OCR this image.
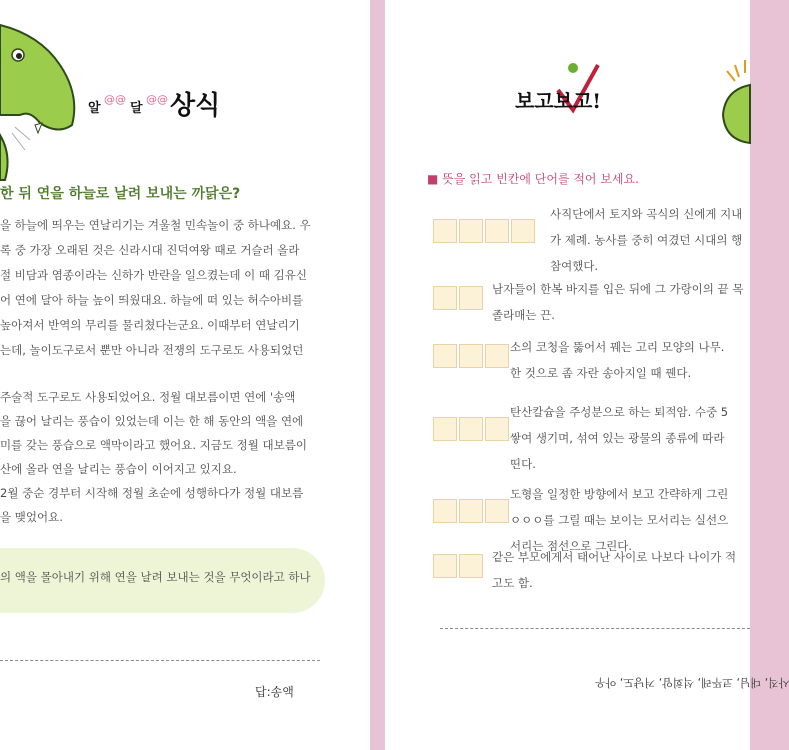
알
@@
달
@@ 상식
한 뒤 연을 하늘로 날려 보내는 까닭은?
을 하늘에 띄우는 연날리기는 겨울철 민속놀이 중 하나예요. 우
록 중 가장 오래된 것은 신라시대 진덕여왕 때로 거슬러 올라
절 비담과 염종이라는 신하가 반란을 일으켰는데 이 때 김유신
어 연에 달아 하늘 높이 띄웠대요. 하늘에 떠 있는 허수아비를
높아져서 반역의 무리를 물리쳤다는군요. 이때부터 연날리기
는데, 놀이도구로서 뿐만 아니라 전쟁의 도구로도 사용되었던
주술적 도구로도 사용되었어요. 정월 대보름이면 연에 '송액
을 끊어 날리는 풍습이 있었는데 이는 한 해 동안의 액을 연에
미를 갖는 풍습으로 액막이라고 했어요. 지금도 정월 대보름이
산에 올라 연을 날리는 풍습이 이어지고 있지요.
2월 중순 경부터 시작해 정월 초순에 성행하다가 정월 대보름
을 맺었어요.
의 액을 몰아내기 위해 연을 날려 보내는 것을 무엇이라고 하나
답:송액
보고보고!
■ 뜻을 읽고 빈칸에 단어를 적어 보세요.
사직단에서 토지와 곡식의 신에게 지내
가 제례. 농사를 중히 여겼던 시대의 행
참여했다.
남자들이 한복 바지를 입은 뒤에 그 가랑이의 끝 목
졸라매는 끈.
소의 코청을 뚫어서 꿰는 고리 모양의 나무.
한 것으로 좀 자란 송아지일 때 꿴다.
탄산칼슘을 주성분으로 하는 퇴적암. 수중 5
쌓여 생기며, 섞여 있는 광물의 종류에 따라
띤다.
도형을 일정한 방향에서 보고 간략하게 그린
ㅇㅇㅇ를 그릴 때는 보이는 모서리는 실선으
서리는 점선으로 그린다.
같은 부모에게서 태어난 사이로 나보다 나이가 적
고도 함.
사직, 대님, 코뚜레, 석회암, 겨냥도, 아우
